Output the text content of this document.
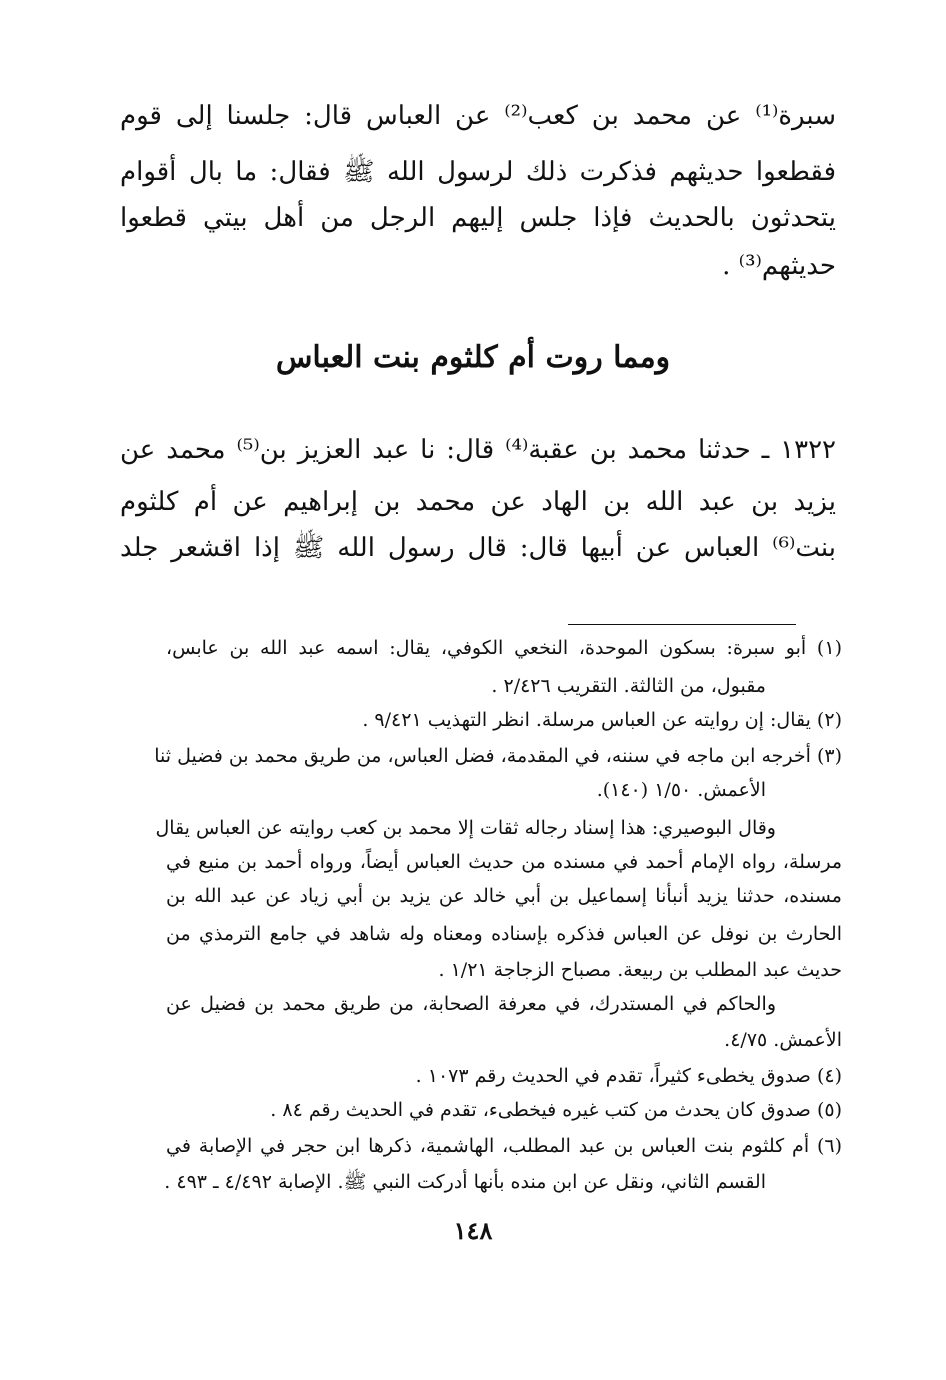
سبرة⁽¹⁾ عن محمد بن كعب⁽²⁾ عن العباس قال: جلسنا إلى قوم
فقطعوا حديثهم فذكرت ذلك لرسول الله ﷺ فقال: ما بال أقوام
يتحدثون بالحديث فإذا جلس إليهم الرجل من أهل بيتي قطعوا
حديثهم⁽³⁾ .
ومما روت أم كلثوم بنت العباس
١٣٢٢ ـ حدثنا محمد بن عقبة⁽⁴⁾ قال: نا عبد العزيز بن⁽⁵⁾ محمد عن
يزيد بن عبد الله بن الهاد عن محمد بن إبراهيم عن أم كلثوم
بنت⁽⁶⁾ العباس عن أبيها قال: قال رسول الله ﷺ إذا اقشعر جلد
(١) أبو سبرة: بسكون الموحدة، النخعي الكوفي، يقال: اسمه عبد الله بن عابس،
مقبول، من الثالثة. التقريب ٢/٤٢٦ .
(٢) يقال: إن روايته عن العباس مرسلة. انظر التهذيب ٩/٤٢١ .
(٣) أخرجه ابن ماجه في سننه، في المقدمة، فضل العباس، من طريق محمد بن فضيل ثنا
الأعمش. ١/٥٠ (١٤٠).
وقال البوصيري: هذا إسناد رجاله ثقات إلا محمد بن كعب روايته عن العباس يقال
مرسلة، رواه الإمام أحمد في مسنده من حديث العباس أيضاً، ورواه أحمد بن منيع في
مسنده، حدثنا يزيد أنبأنا إسماعيل بن أبي خالد عن يزيد بن أبي زياد عن عبد الله بن
الحارث بن نوفل عن العباس فذكره بإسناده ومعناه وله شاهد في جامع الترمذي من
حديث عبد المطلب بن ربيعة. مصباح الزجاجة ١/٢١ .
والحاكم في المستدرك، في معرفة الصحابة، من طريق محمد بن فضيل عن
الأعمش. ٤/٧٥.
(٤) صدوق يخطىء كثيراً، تقدم في الحديث رقم ١٠٧٣ .
(٥) صدوق كان يحدث من كتب غيره فيخطىء، تقدم في الحديث رقم ٨٤ .
(٦) أم كلثوم بنت العباس بن عبد المطلب، الهاشمية، ذكرها ابن حجر في الإصابة في
القسم الثاني، ونقل عن ابن منده بأنها أدركت النبي ﷺ. الإصابة ٤/٤٩٢ ـ ٤٩٣ .
١٤٨
